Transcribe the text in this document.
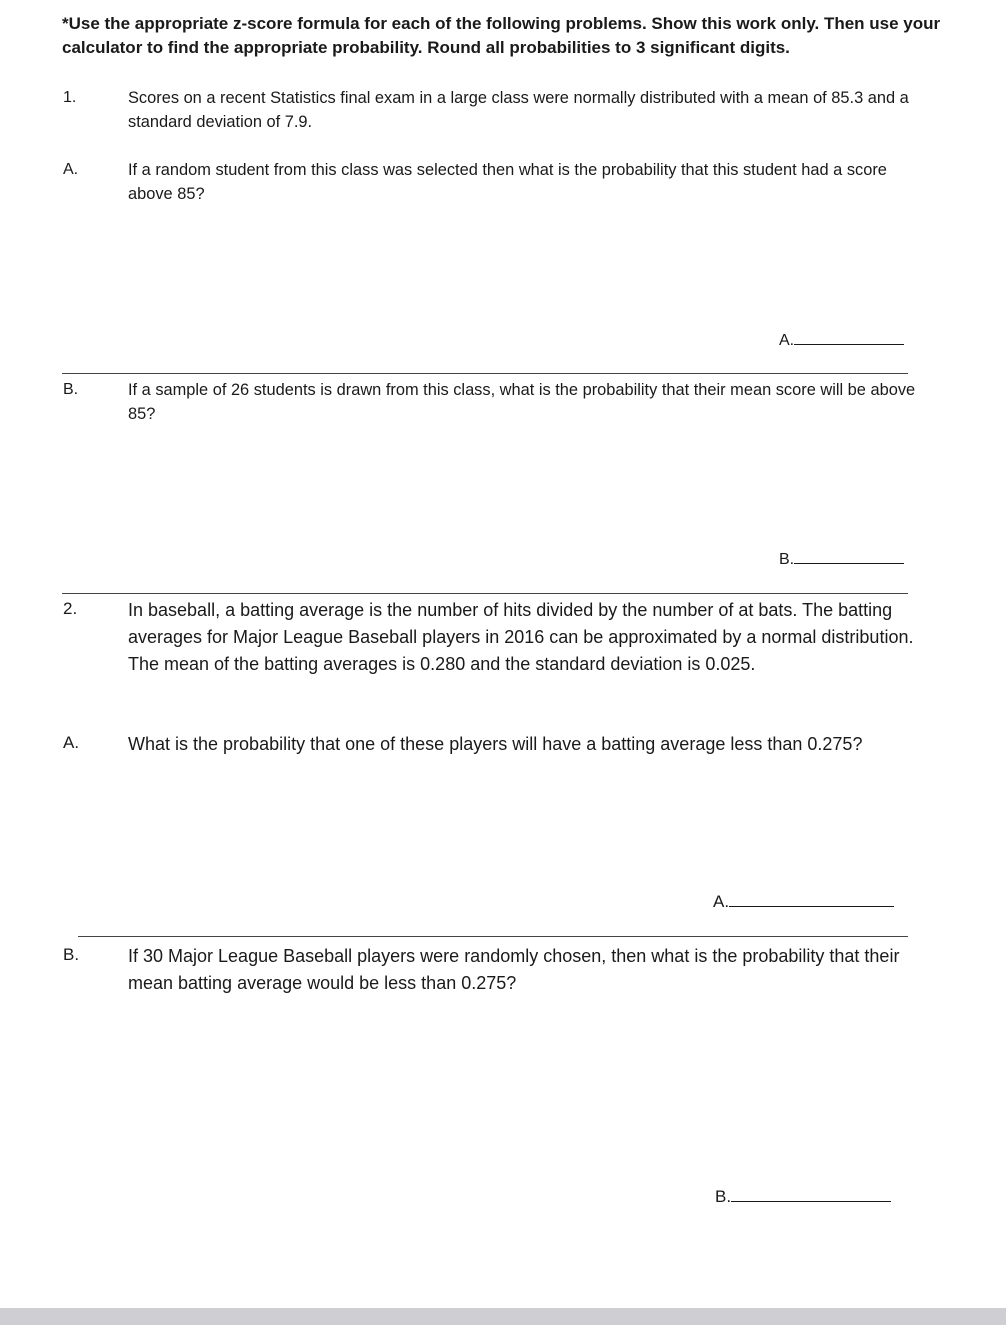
*Use the appropriate z-score formula for each of the following problems. Show this work only. Then use your calculator to find the appropriate probability. Round all probabilities to 3 significant digits.

1.	Scores on a recent Statistics final exam in a large class were normally distributed with a mean of 85.3 and a standard deviation of 7.9.
A.	If a random student from this class was selected then what is the probability that this student had a score above 85?
A.
B.	If a sample of 26 students is drawn from this class, what is the probability that their mean score will be above 85?
B.
2.	In baseball, a batting average is the number of hits divided by the number of at bats. The batting averages for Major League Baseball players in 2016 can be approximated by a normal distribution. The mean of the batting averages is 0.280 and the standard deviation is 0.025.
A.	What is the probability that one of these players will have a batting average less than 0.275?
A.
B.	If 30 Major League Baseball players were randomly chosen, then what is the probability that their mean batting average would be less than 0.275?
B.
